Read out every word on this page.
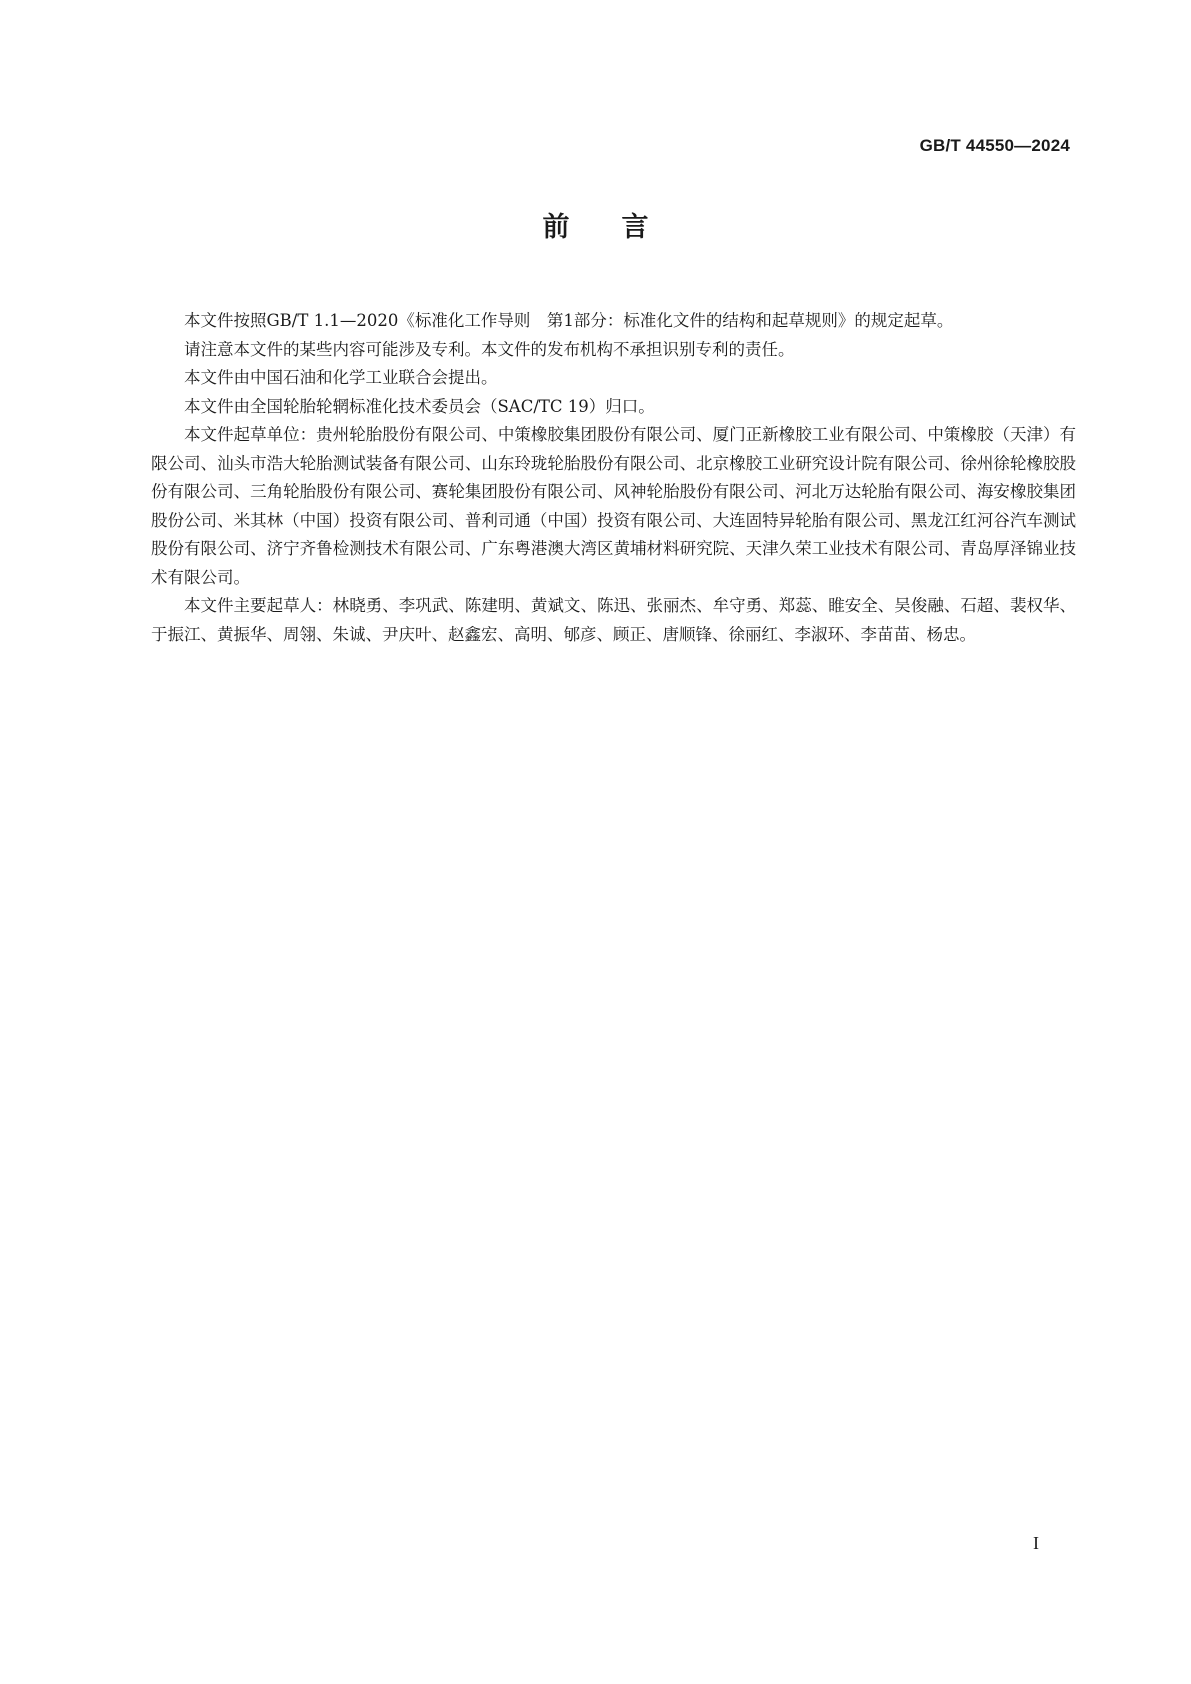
GB/T 44550—2024
前言

本文件按照GB/T 1.1—2020《标准化工作导则　第1部分：标准化文件的结构和起草规则》的规定起草。

请注意本文件的某些内容可能涉及专利。本文件的发布机构不承担识别专利的责任。

本文件由中国石油和化学工业联合会提出。

本文件由全国轮胎轮辋标准化技术委员会（SAC/TC 19）归口。

本文件起草单位：贵州轮胎股份有限公司、中策橡胶集团股份有限公司、厦门正新橡胶工业有限公司、中策橡胶（天津）有限公司、汕头市浩大轮胎测试装备有限公司、山东玲珑轮胎股份有限公司、北京橡胶工业研究设计院有限公司、徐州徐轮橡胶股份有限公司、三角轮胎股份有限公司、赛轮集团股份有限公司、风神轮胎股份有限公司、河北万达轮胎有限公司、海安橡胶集团股份公司、米其林（中国）投资有限公司、普利司通（中国）投资有限公司、大连固特异轮胎有限公司、黑龙江红河谷汽车测试股份有限公司、济宁齐鲁检测技术有限公司、广东粤港澳大湾区黄埔材料研究院、天津久荣工业技术有限公司、青岛厚泽锦业技术有限公司。

本文件主要起草人：林晓勇、李巩武、陈建明、黄斌文、陈迅、张丽杰、牟守勇、郑蕊、睢安全、吴俊融、石超、裴权华、于振江、黄振华、周翎、朱诚、尹庆叶、赵鑫宏、高明、郇彦、顾正、唐顺锋、徐丽红、李淑环、李苗苗、杨忠。

I
